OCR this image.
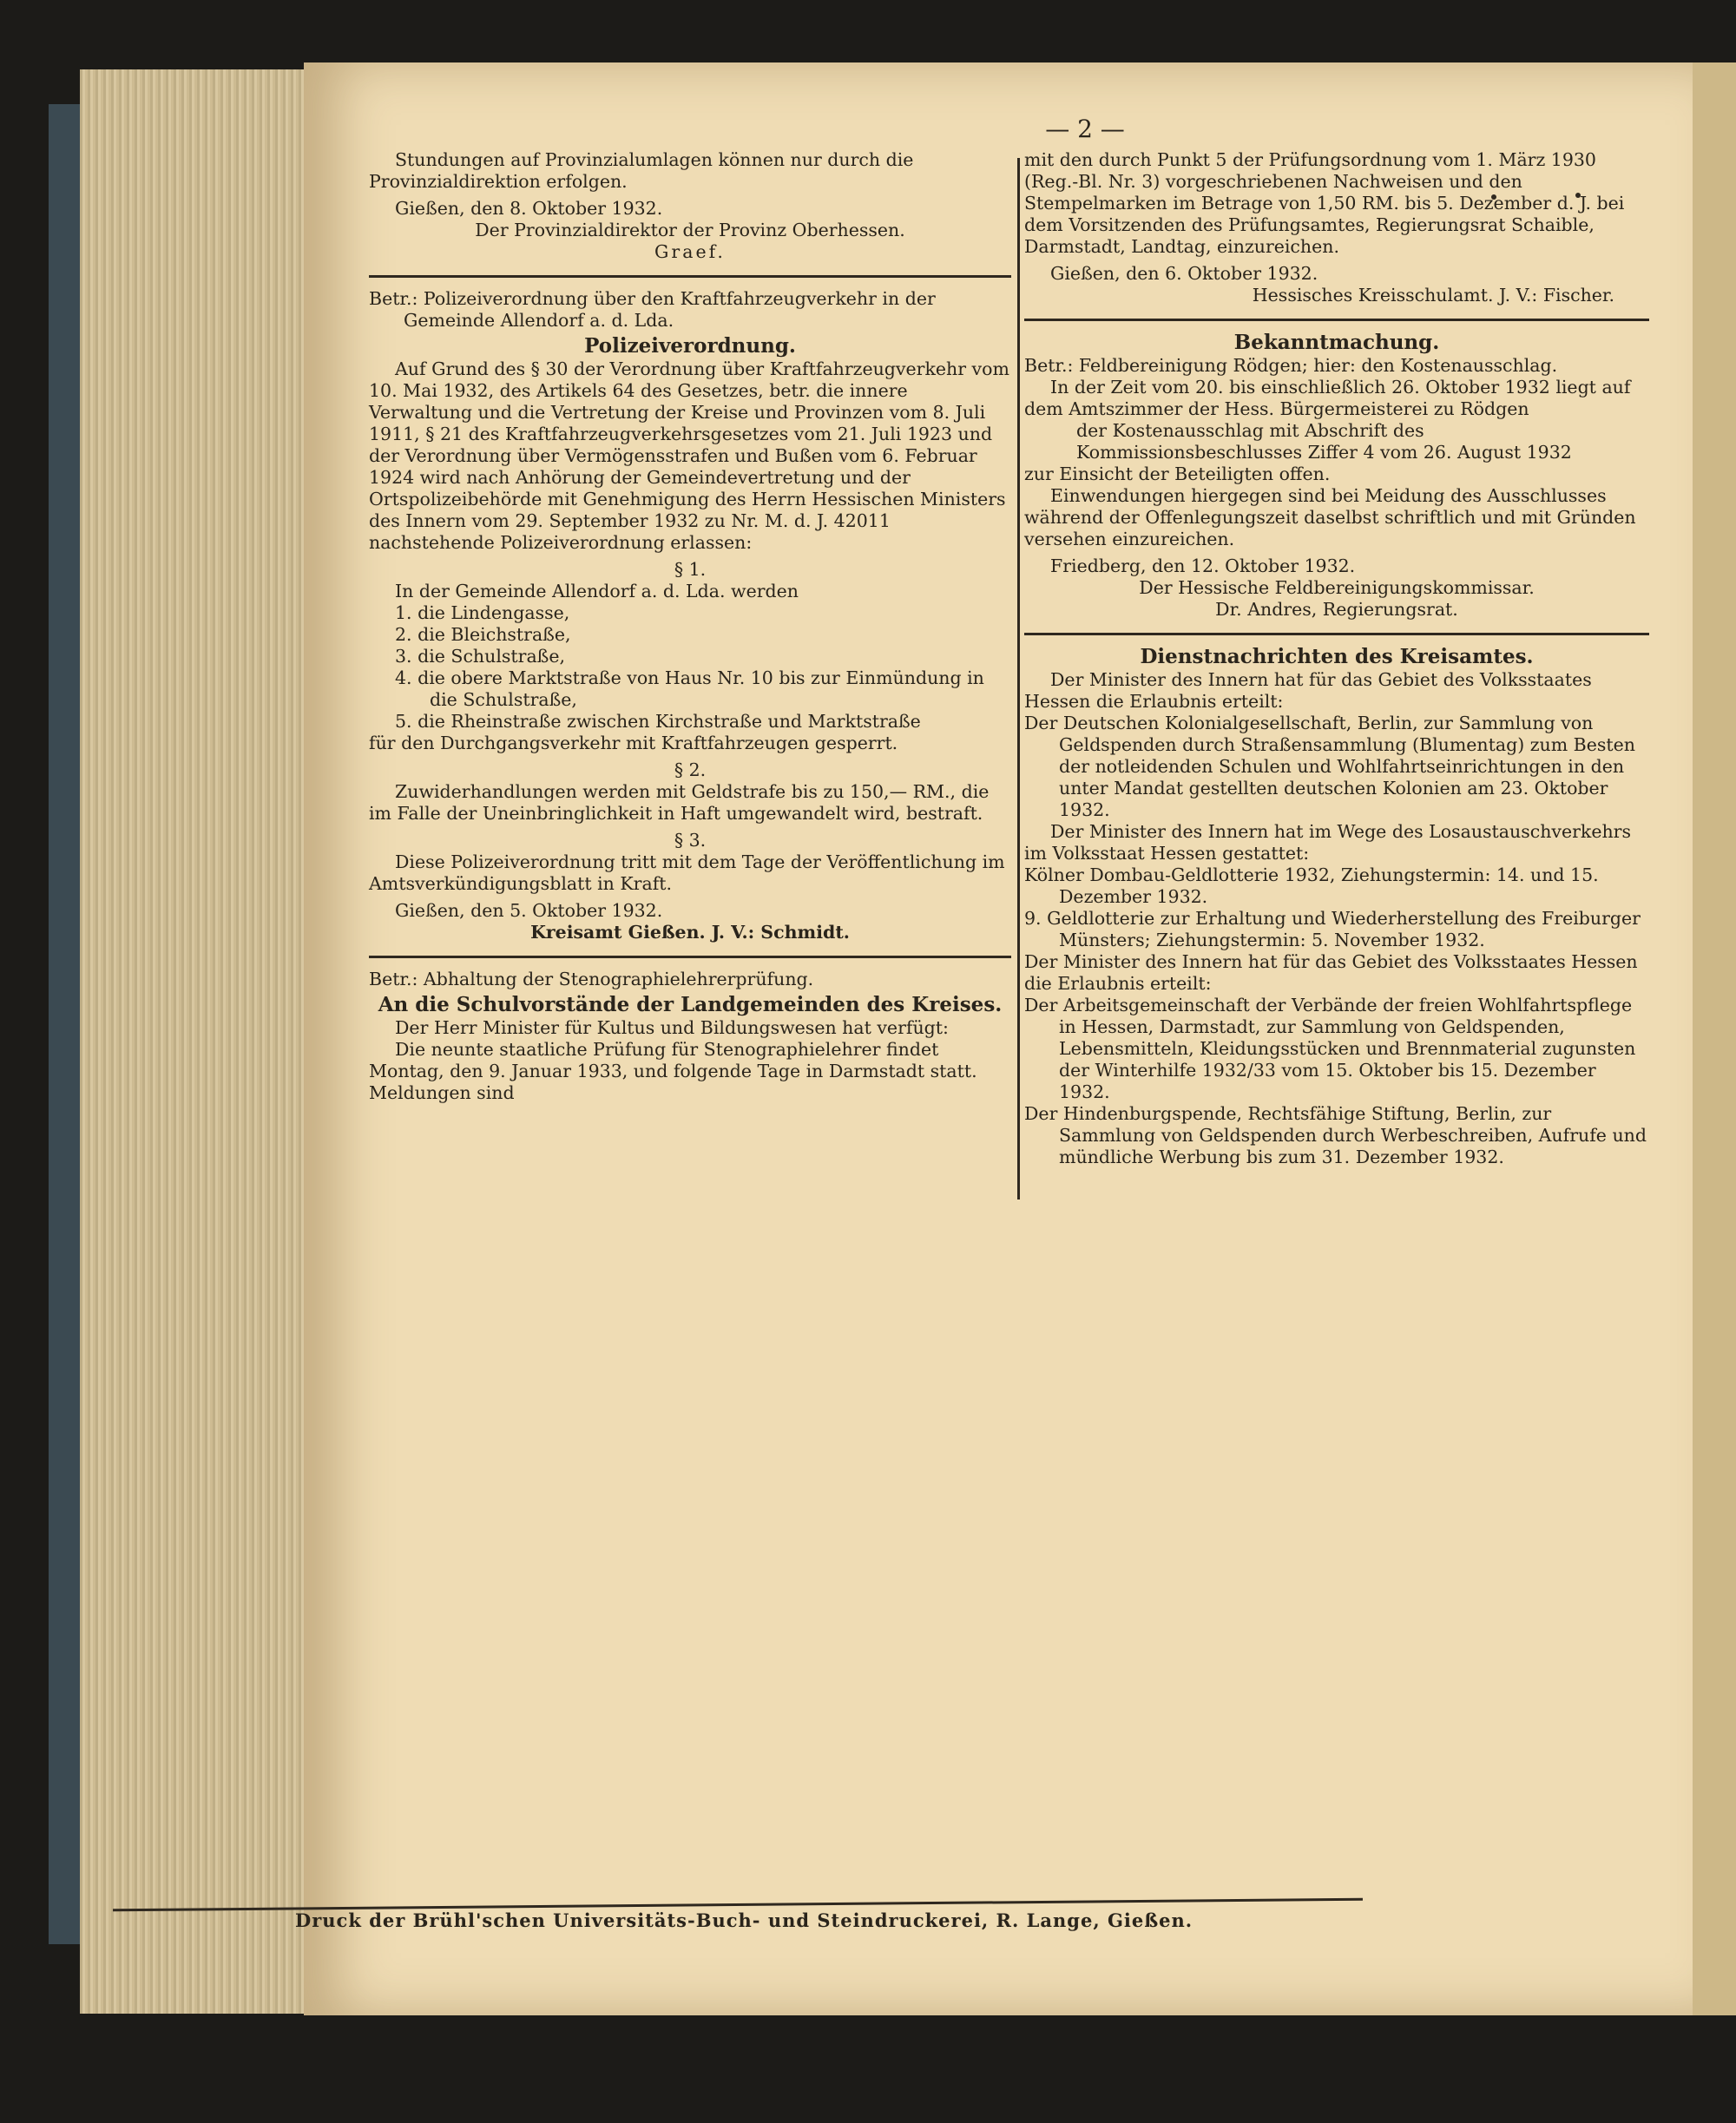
— 2 —

Stundungen auf Provinzialumlagen können nur durch die Provinzialdirektion erfolgen.

Gießen, den 8. Oktober 1932.

Der Provinzialdirektor der Provinz Oberhessen.

Graef.

Betr.: Polizeiverordnung über den Kraftfahrzeugverkehr in der Gemeinde Allendorf a. d. Lda.

Polizeiverordnung.

Auf Grund des § 30 der Verordnung über Kraftfahrzeugverkehr vom 10. Mai 1932, des Artikels 64 des Gesetzes, betr. die innere Verwaltung und die Vertretung der Kreise und Provinzen vom 8. Juli 1911, § 21 des Kraftfahrzeugverkehrsgesetzes vom 21. Juli 1923 und der Verordnung über Vermögensstrafen und Bußen vom 6. Februar 1924 wird nach Anhörung der Gemeindevertretung und der Ortspolizeibehörde mit Genehmigung des Herrn Hessischen Ministers des Innern vom 29. September 1932 zu Nr. M. d. J. 42011 nachstehende Polizeiverordnung erlassen:

§ 1.

In der Gemeinde Allendorf a. d. Lda. werden

1. die Lindengasse,

2. die Bleichstraße,

3. die Schulstraße,

4. die obere Marktstraße von Haus Nr. 10 bis zur Einmündung in die Schulstraße,

5. die Rheinstraße zwischen Kirchstraße und Marktstraße

für den Durchgangsverkehr mit Kraftfahrzeugen gesperrt.

§ 2.

Zuwiderhandlungen werden mit Geldstrafe bis zu 150,— RM., die im Falle der Uneinbringlichkeit in Haft umgewandelt wird, bestraft.

§ 3.

Diese Polizeiverordnung tritt mit dem Tage der Veröffentlichung im Amtsverkündigungsblatt in Kraft.

Gießen, den 5. Oktober 1932.

Kreisamt Gießen. J. V.: Schmidt.

Betr.: Abhaltung der Stenographielehrerprüfung.

An die Schulvorstände der Landgemeinden des Kreises.

Der Herr Minister für Kultus und Bildungswesen hat verfügt:

Die neunte staatliche Prüfung für Stenographielehrer findet Montag, den 9. Januar 1933, und folgende Tage in Darmstadt statt. Meldungen sind

mit den durch Punkt 5 der Prüfungsordnung vom 1. März 1930 (Reg.-Bl. Nr. 3) vorgeschriebenen Nachweisen und den Stempelmarken im Betrage von 1,50 RM. bis 5. Dezember d. J. bei dem Vorsitzenden des Prüfungsamtes, Regierungsrat Schaible, Darmstadt, Landtag, einzureichen.

Gießen, den 6. Oktober 1932.

Hessisches Kreisschulamt. J. V.: Fischer.

Bekanntmachung.

Betr.: Feldbereinigung Rödgen; hier: den Kostenausschlag.

In der Zeit vom 20. bis einschließlich 26. Oktober 1932 liegt auf dem Amtszimmer der Hess. Bürgermeisterei zu Rödgen

der Kostenausschlag mit Abschrift des Kommissionsbeschlusses Ziffer 4 vom 26. August 1932

zur Einsicht der Beteiligten offen.

Einwendungen hiergegen sind bei Meidung des Ausschlusses während der Offenlegungszeit daselbst schriftlich und mit Gründen versehen einzureichen.

Friedberg, den 12. Oktober 1932.

Der Hessische Feldbereinigungskommissar.

Dr. Andres, Regierungsrat.

Dienstnachrichten des Kreisamtes.

Der Minister des Innern hat für das Gebiet des Volksstaates Hessen die Erlaubnis erteilt:

Der Deutschen Kolonialgesellschaft, Berlin, zur Sammlung von Geldspenden durch Straßensammlung (Blumentag) zum Besten der notleidenden Schulen und Wohlfahrtseinrichtungen in den unter Mandat gestellten deutschen Kolonien am 23. Oktober 1932.

Der Minister des Innern hat im Wege des Losaustauschverkehrs im Volksstaat Hessen gestattet:

Kölner Dombau-Geldlotterie 1932, Ziehungstermin: 14. und 15. Dezember 1932.

9. Geldlotterie zur Erhaltung und Wiederherstellung des Freiburger Münsters; Ziehungstermin: 5. November 1932.

Der Minister des Innern hat für das Gebiet des Volksstaates Hessen die Erlaubnis erteilt:

Der Arbeitsgemeinschaft der Verbände der freien Wohlfahrtspflege in Hessen, Darmstadt, zur Sammlung von Geldspenden, Lebensmitteln, Kleidungsstücken und Brennmaterial zugunsten der Winterhilfe 1932/33 vom 15. Oktober bis 15. Dezember 1932.

Der Hindenburgspende, Rechtsfähige Stiftung, Berlin, zur Sammlung von Geldspenden durch Werbeschreiben, Aufrufe und mündliche Werbung bis zum 31. Dezember 1932.

Druck der Brühl'schen Universitäts-Buch- und Steindruckerei, R. Lange, Gießen.
